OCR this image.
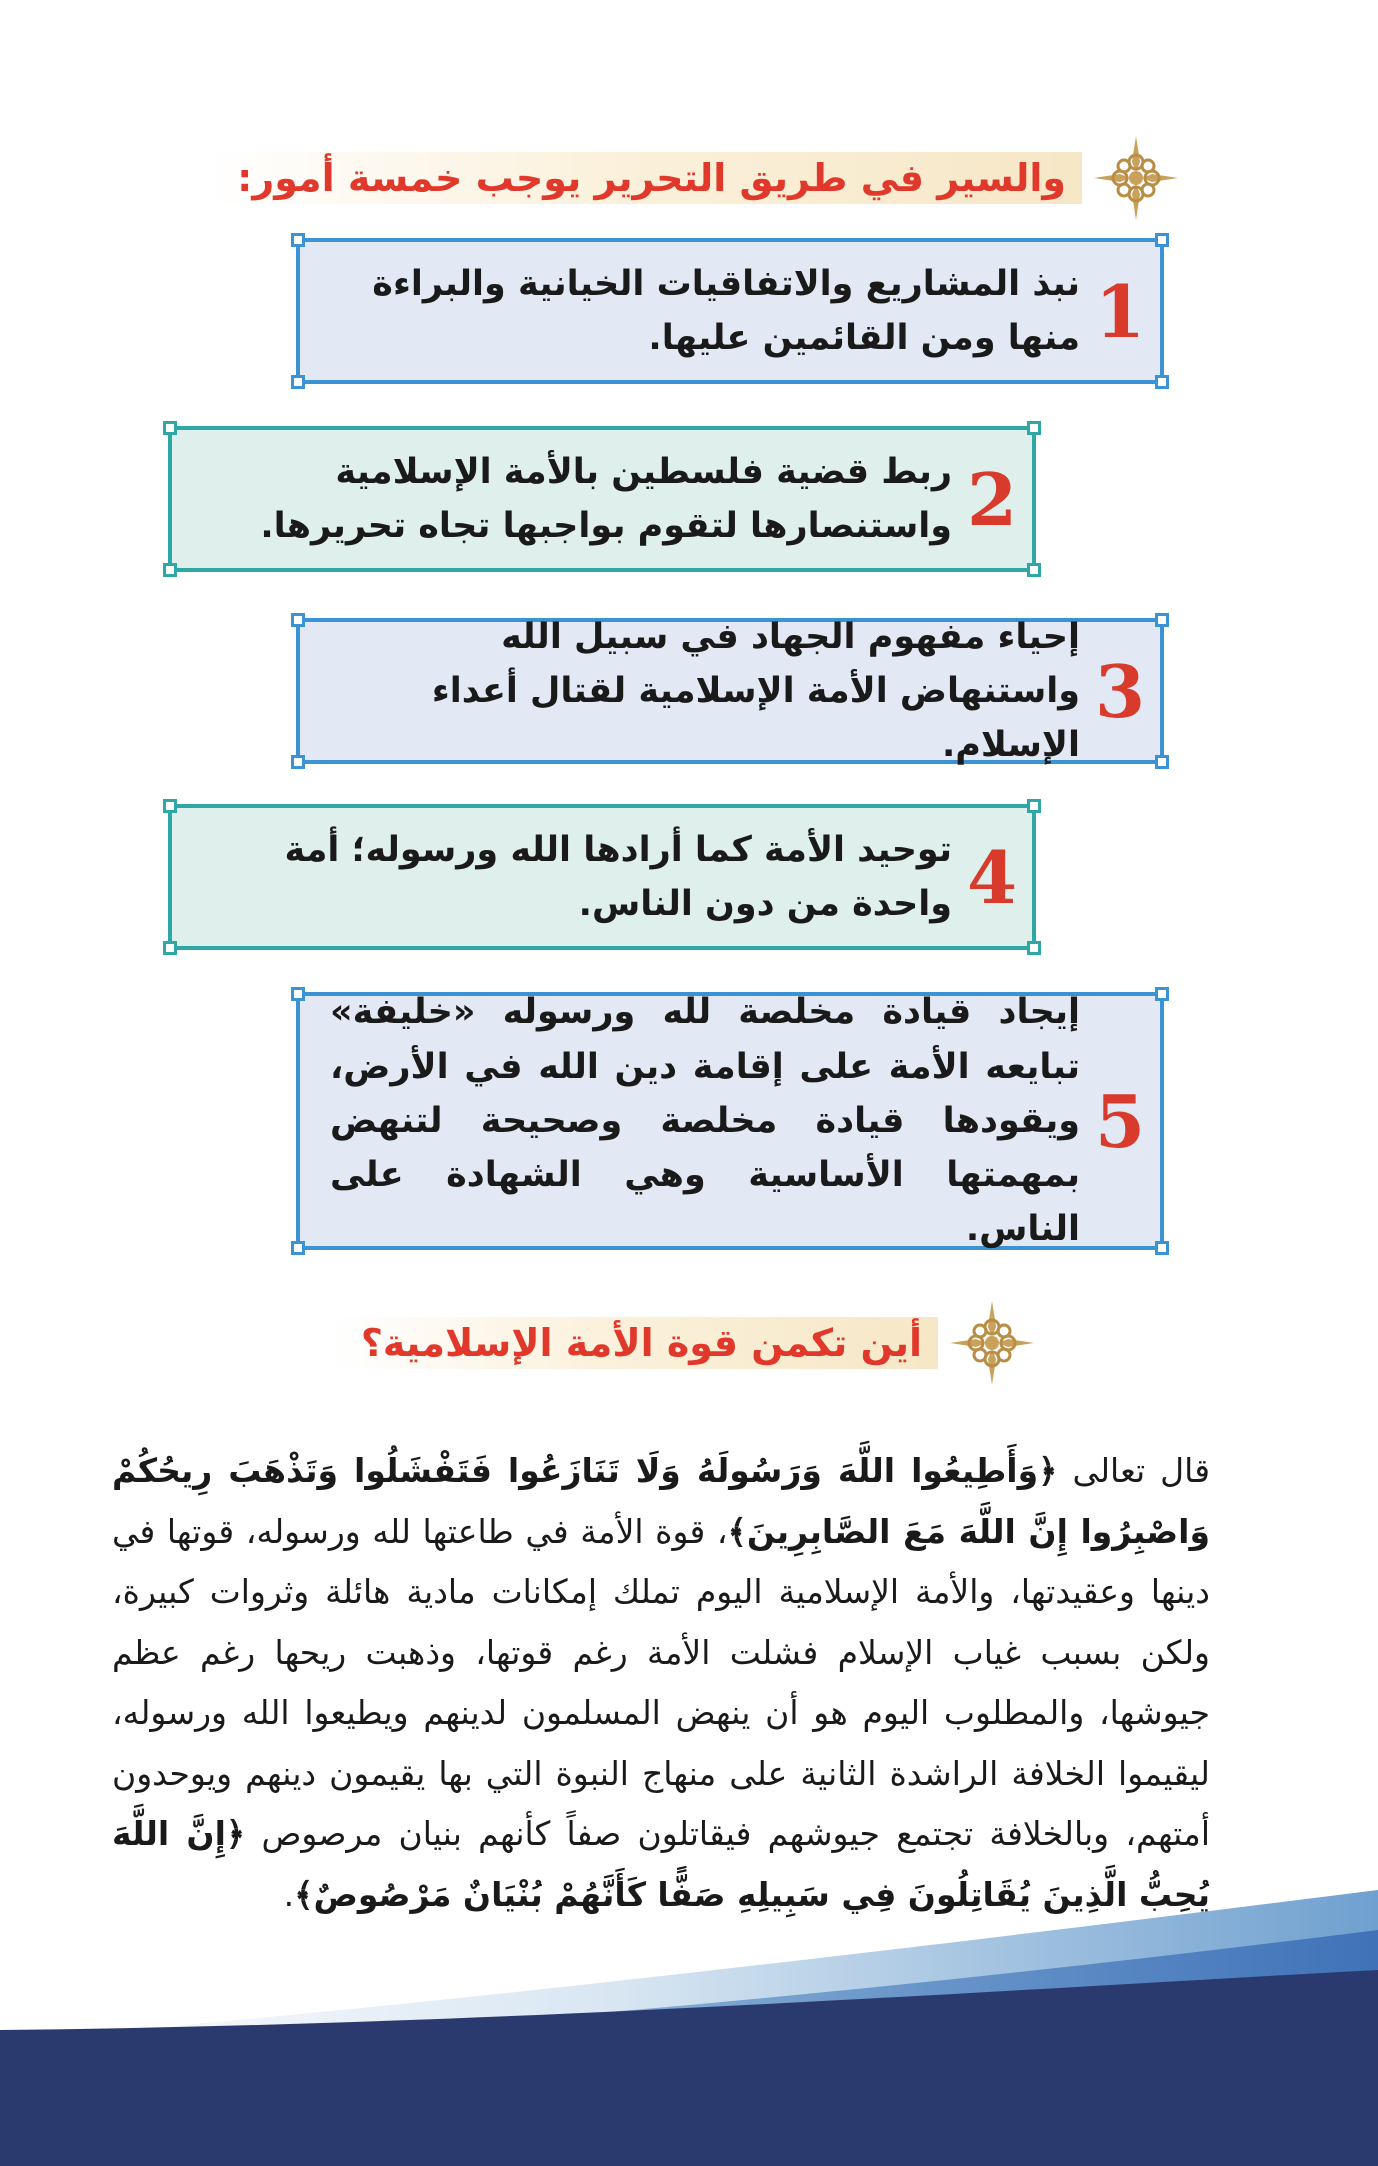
والسير في طريق التحرير يوجب خمسة أمور:
1
نبذ المشاريع والاتفاقيات الخيانية والبراءة منها ومن القائمين عليها.
2
ربط قضية فلسطين بالأمة الإسلامية واستنصارها لتقوم بواجبها تجاه تحريرها.
3
إحياء مفهوم الجهاد في سبيل الله واستنهاض الأمة الإسلامية لقتال أعداء الإسلام.
4
توحيد الأمة كما أرادها الله ورسوله؛ أمة واحدة من دون الناس.
5
إيجاد قيادة مخلصة لله ورسوله «خليفة» تبايعه الأمة على إقامة دين الله في الأرض، ويقودها قيادة مخلصة وصحيحة لتنهض بمهمتها الأساسية وهي الشهادة على الناس.
أين تكمن قوة الأمة الإسلامية؟

قال تعالى ﴿وَأَطِيعُوا اللَّهَ وَرَسُولَهُ وَلَا تَنَازَعُوا فَتَفْشَلُوا وَتَذْهَبَ رِيحُكُمْ وَاصْبِرُوا إِنَّ اللَّهَ مَعَ الصَّابِرِينَ﴾، قوة الأمة في طاعتها لله ورسوله، قوتها في دينها وعقيدتها، والأمة الإسلامية اليوم تملك إمكانات مادية هائلة وثروات كبيرة، ولكن بسبب غياب الإسلام فشلت الأمة رغم قوتها، وذهبت ريحها رغم عظم جيوشها، والمطلوب اليوم هو أن ينهض المسلمون لدينهم ويطيعوا الله ورسوله، ليقيموا الخلافة الراشدة الثانية على منهاج النبوة التي بها يقيمون دينهم ويوحدون أمتهم، وبالخلافة تجتمع جيوشهم فيقاتلون صفاً كأنهم بنيان مرصوص ﴿إِنَّ اللَّهَ يُحِبُّ الَّذِينَ يُقَاتِلُونَ فِي سَبِيلِهِ صَفًّا كَأَنَّهُمْ بُنْيَانٌ مَرْصُوصٌ﴾.
